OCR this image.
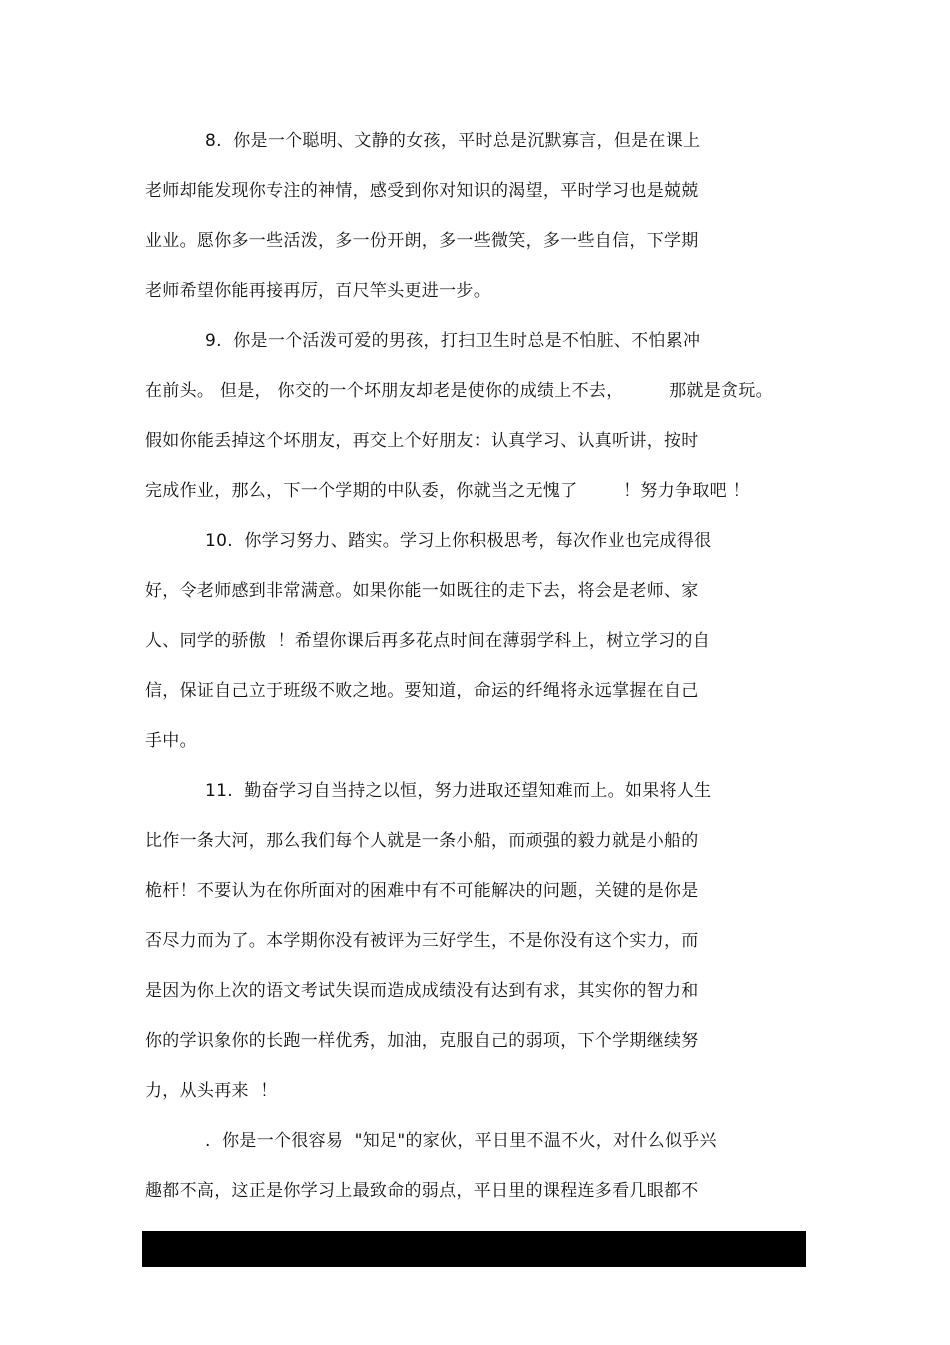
8.  你是一个聪明、文静的女孩，平时总是沉默寡言，但是在课上
老师却能发现你专注的神情，感受到你对知识的渴望，平时学习也是兢兢
业业。愿你多一些活泼，多一份开朗，多一些微笑，多一些自信，下学期
老师希望你能再接再厉，百尺竿头更进一步。
9.  你是一个活泼可爱的男孩，打扫卫生时总是不怕脏、不怕累冲
在前头。 但是， 你交的一个坏朋友却老是使你的成绩上不去，        那就是贪玩。
假如你能丢掉这个坏朋友，再交上个好朋友：认真学习、认真听讲，按时
完成作业，那么，下一个学期的中队委，你就当之无愧了        ！努力争取吧 ！
10.  你学习努力、踏实。学习上你积极思考，每次作业也完成得很
好，令老师感到非常满意。如果你能一如既往的走下去，将会是老师、家
人、同学的骄傲  ！希望你课后再多花点时间在薄弱学科上，树立学习的自
信，保证自己立于班级不败之地。要知道，命运的纤绳将永远掌握在自己
手中。
11.  勤奋学习自当持之以恒，努力进取还望知难而上。如果将人生
比作一条大河，那么我们每个人就是一条小船，而顽强的毅力就是小船的
桅杆！不要认为在你所面对的困难中有不可能解决的问题，关键的是你是
否尽力而为了。本学期你没有被评为三好学生，不是你没有这个实力，而
是因为你上次的语文考试失误而造成成绩没有达到有求，其实你的智力和
你的学识象你的长跑一样优秀，加油，克服自己的弱项，下个学期继续努
力，从头再来  ！
.  你是一个很容易  "知足"的家伙，平日里不温不火，对什么似乎兴
趣都不高，这正是你学习上最致命的弱点，平日里的课程连多看几眼都不
